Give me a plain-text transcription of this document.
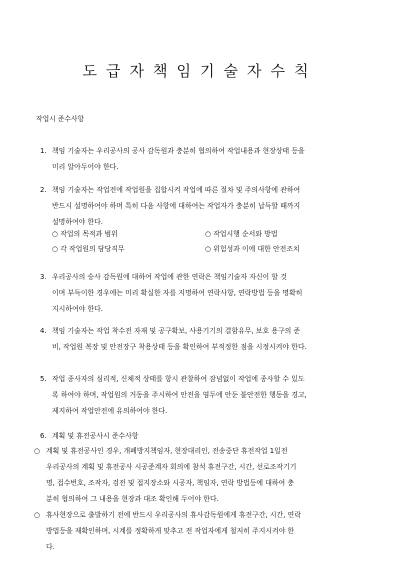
도급자책임기술자수칙
작업시 준수사항
1. 책임 기술자는 우리공사의 공사 감독원과 충분히 협의하여 작업내용과 현장상태 등을
미리 알아두어야 한다.
2. 책임 기술자는 작업전에 작업원을 집합시켜 작업에 따른 절차 및 주의사항에 관하여
반드시 설명하여야 하며 특히 다음 사항에 대하여는 작업자가 충분히 납득할 때까지
설명하여야 한다.
○ 작업의 목적과 범위	○ 작업시행 순서와 방법
○ 각 작업원의 담당직무	○ 위험성과 이에 대한 안전조치
3. 우리공사의 승사 감독원에 대하여 작업에 관한 연락은 책임기술자 자신이 할 것
이며 부득이한 경우에는 미리 확실한 자를 지명하여 연락사항, 연락방법 등을 명확히
지시하여야 한다.
4. 책임 기술자는 작업 착수전 자재 및 공구확보, 사용기기의 결함유무, 보호 용구의 준
비, 작업원 복장 및 안전장구 착용상태 등을 확인하여 부적정한 점을 시정시켜야 한다.
5. 작업 종사자의 심리적, 신체적 상태를 항시 관찰하여 잠념없이 작업에 종사할 수 있도
록 하여야 하며, 작업원의 거동을 주시하여 안전을 염두에 안둔 불안전한 행동을 경고,
제지하여 작업안전에 유의하여야 한다.
6. 계획 및 휴전공사시 준수사항
○ 계획 및 휴전공사인 경우, 개폐방지책임자, 현장대리인, 전송중단 휴전작업 1일전
우리공사의 계획 및 휴전공사 시공준계자 회의에 참석 휴전구간, 시간, 선로조작기기
명, 접수번호, 조작자, 검전 및 접지장소와 시공자, 책임자, 연락 방법등에 대하여 충
분히 협의하여 그 내용을 현장과 대조 확인해 두어야 한다.
○ 휴사현장으로 출발하기 전에 반드시 우리공사의 휴사감독원에게 휴전구간, 시간, 연락
방법등을 재확인하며, 시계를 정확하게 맞추고 전 작업자에게 철저히 주지시켜야 한
다.
